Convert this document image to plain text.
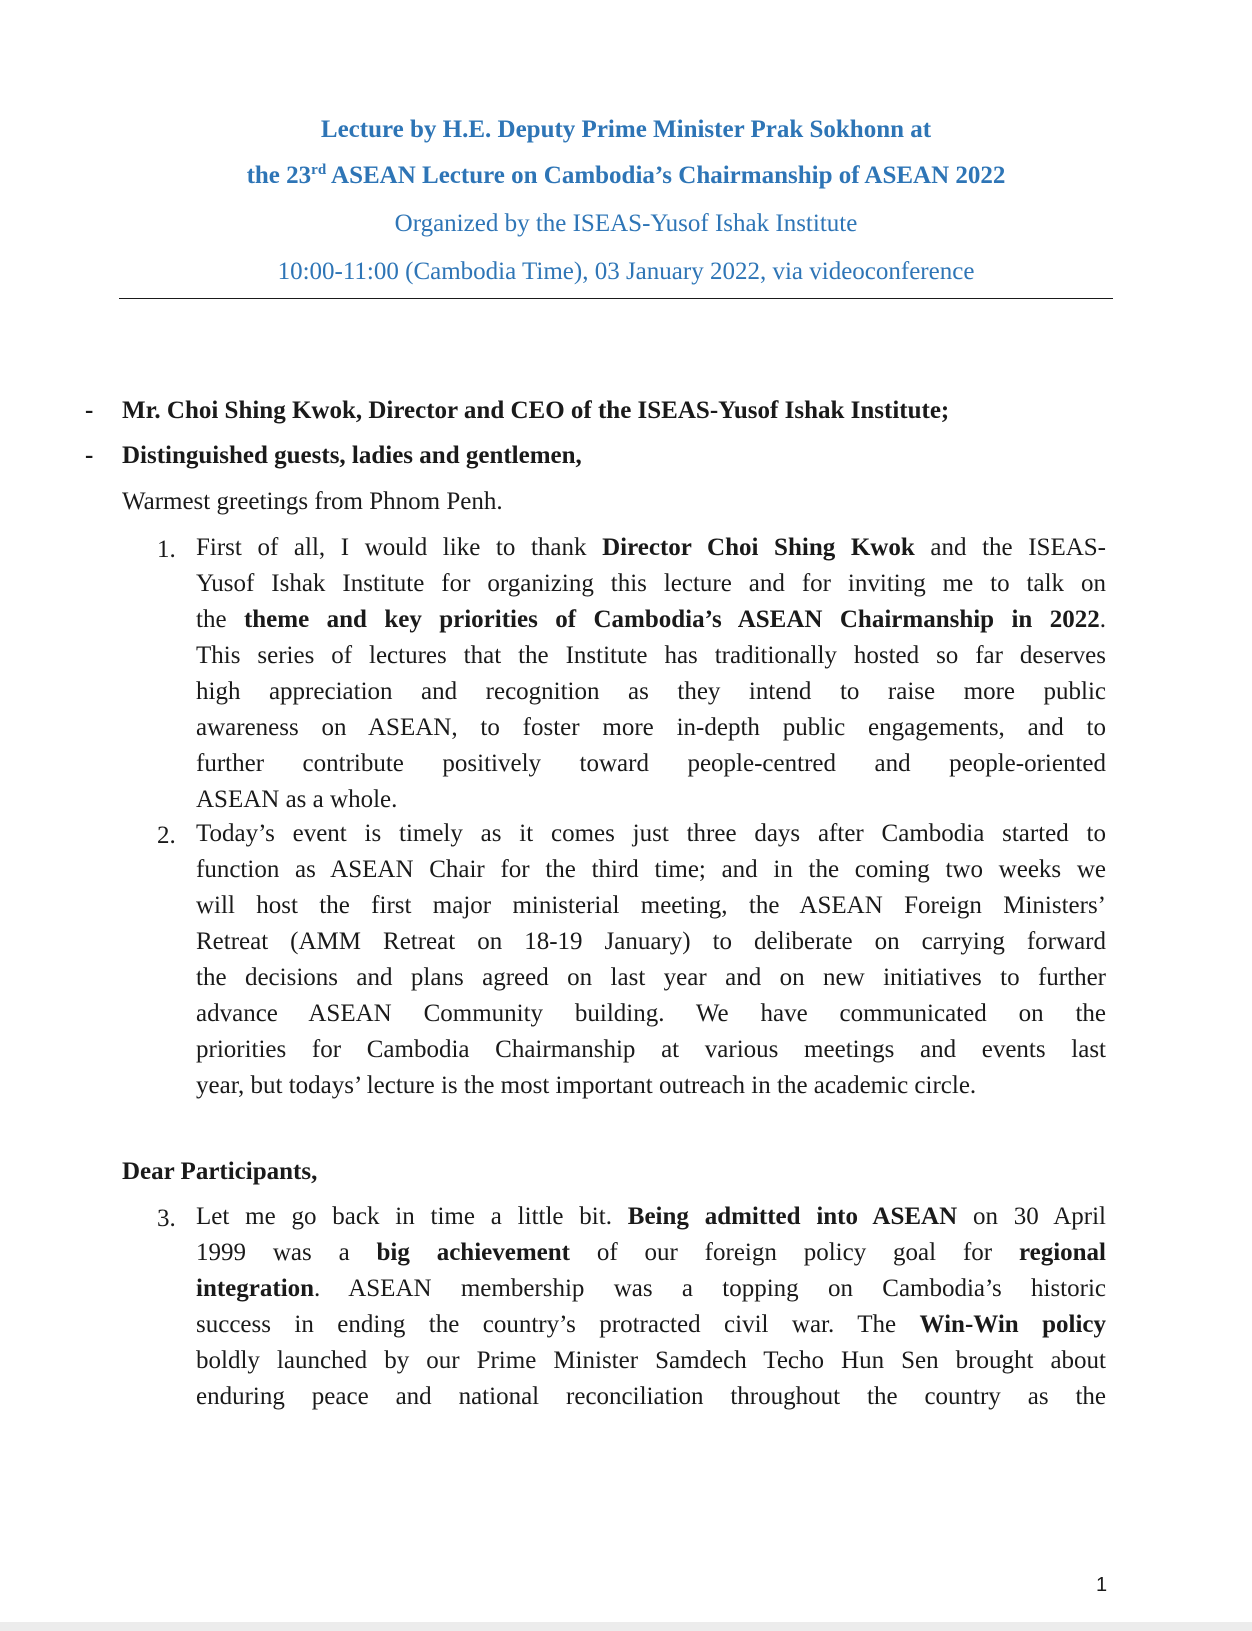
Lecture by H.E. Deputy Prime Minister Prak Sokhonn at
the 23rd ASEAN Lecture on Cambodia’s Chairmanship of ASEAN 2022
Organized by the ISEAS-Yusof Ishak Institute
10:00-11:00 (Cambodia Time), 03 January 2022, via videoconference
- Mr. Choi Shing Kwok, Director and CEO of the ISEAS-Yusof Ishak Institute;
- Distinguished guests, ladies and gentlemen,
Warmest greetings from Phnom Penh.
1. First of all, I would like to thank Director Choi Shing Kwok and the ISEAS-
Yusof Ishak Institute for organizing this lecture and for inviting me to talk on
the theme and key priorities of Cambodia’s ASEAN Chairmanship in 2022.
This series of lectures that the Institute has traditionally hosted so far deserves
high appreciation and recognition as they intend to raise more public
awareness on ASEAN, to foster more in-depth public engagements, and to
further contribute positively toward people-centred and people-oriented
ASEAN as a whole.
2. Today’s event is timely as it comes just three days after Cambodia started to
function as ASEAN Chair for the third time; and in the coming two weeks we
will host the first major ministerial meeting, the ASEAN Foreign Ministers’
Retreat (AMM Retreat on 18-19 January) to deliberate on carrying forward
the decisions and plans agreed on last year and on new initiatives to further
advance ASEAN Community building. We have communicated on the
priorities for Cambodia Chairmanship at various meetings and events last
year, but todays’ lecture is the most important outreach in the academic circle.
Dear Participants,
3. Let me go back in time a little bit. Being admitted into ASEAN on 30 April
1999 was a big achievement of our foreign policy goal for regional
integration. ASEAN membership was a topping on Cambodia’s historic
success in ending the country’s protracted civil war. The Win-Win policy
boldly launched by our Prime Minister Samdech Techo Hun Sen brought about
enduring peace and national reconciliation throughout the country as the
1
